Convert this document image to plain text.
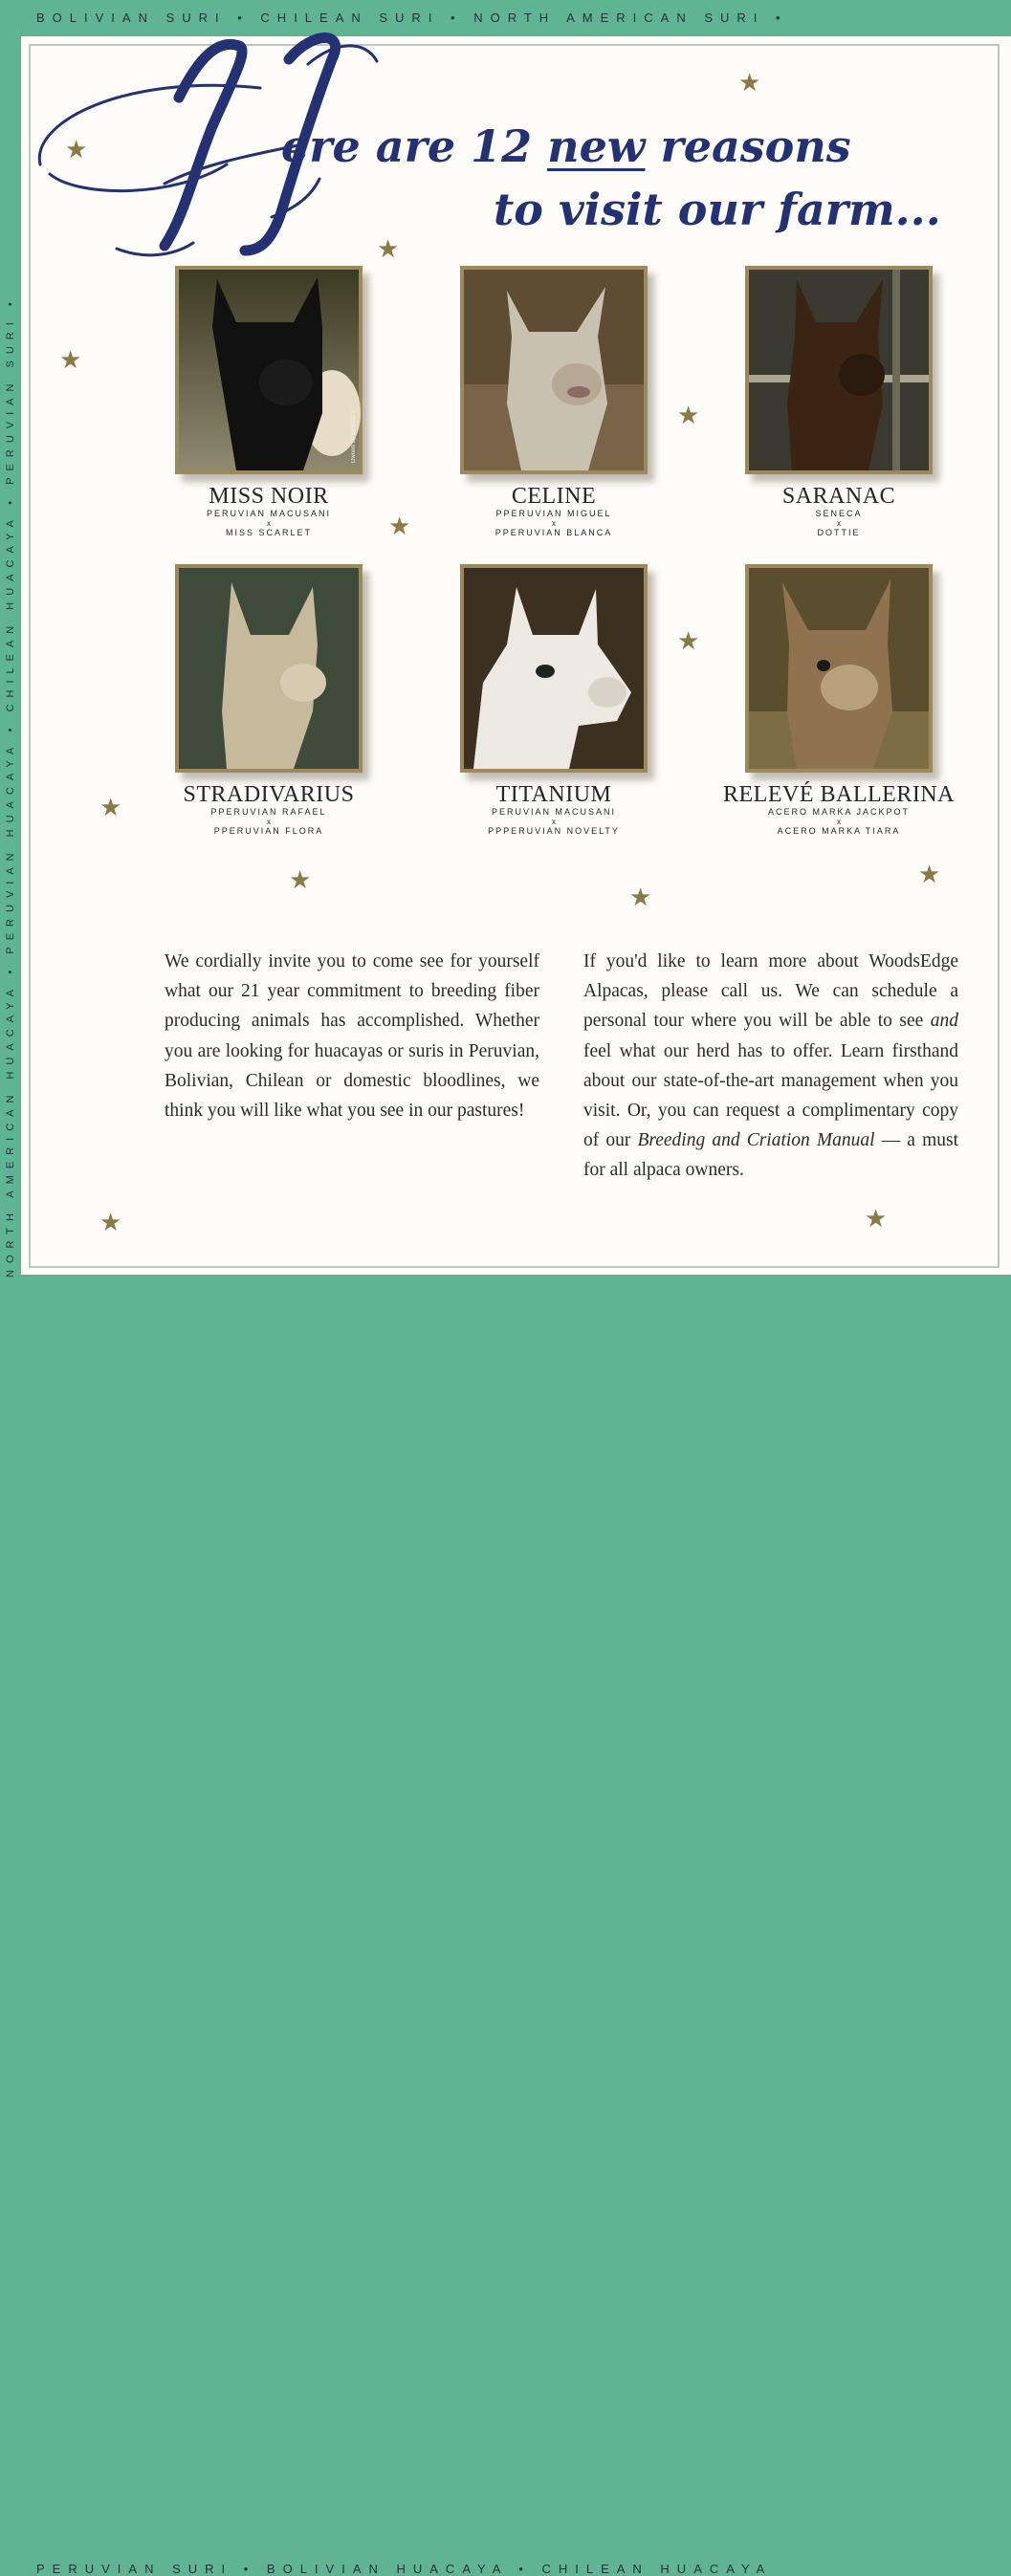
BOLIVIAN SURI • CHILEAN SURI • NORTH AMERICAN SURI •
PERUVIAN SURI • BOLIVIAN HUACAYA • CHILEAN HUACAYA
NORTH AMERICAN HUACAYA • PERUVIAN HUACAYA • CHILEAN HUACAYA • PERUVIAN SURI •
ere are 12 new reasons
to visit our farm...
★
★
★
★
★
★
★
★
★
★
★
★	★
Owned by Seaman's
MISS NOIR
PERUVIAN MACUSANI
x
MISS SCARLET
CELINE
PPERUVIAN MIGUEL
x
PPERUVIAN BLANCA
SARANAC
SENECA
x
DOTTIE
STRADIVARIUS
PPERUVIAN RAFAEL
x
PPERUVIAN FLORA
TITANIUM
PERUVIAN MACUSANI
x
PPPERUVIAN NOVELTY
RELEVÉ BALLERINA
ACERO MARKA JACKPOT
x
ACERO MARKA TIARA

We cordially invite you to come see for yourself what our 21 year commitment to breeding fiber producing animals has accomplished. Whether you are looking for huacayas or suris in Peruvian, Bolivian, Chilean or domestic bloodlines, we think you will like what you see in our pastures!

If you'd like to learn more about WoodsEdge Alpacas, please call us. We can schedule a personal tour where you will be able to see and feel what our herd has to offer. Learn firsthand about our state-of-the-art management when you visit. Or, you can request a complimentary copy of our Breeding and Criation Manual — a must for all alpaca owners.
